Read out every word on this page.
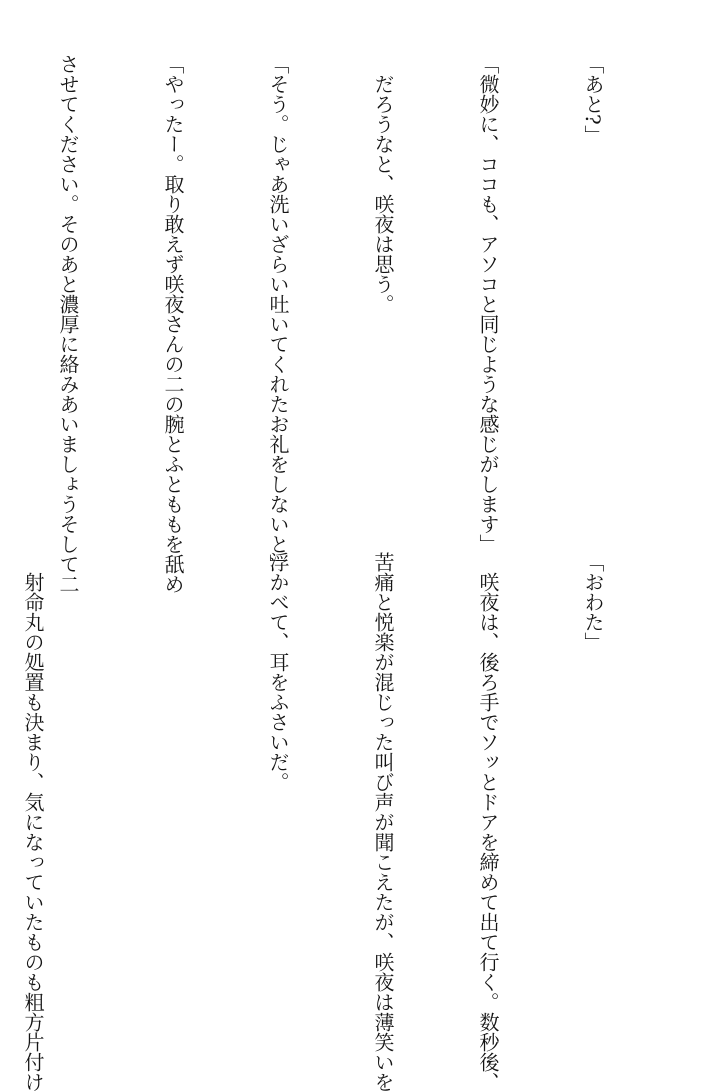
「あと?」

「微妙に、ココも、アソコと同じような感じがします」

　だろうなと、咲夜は思う。

「そう。じゃあ洗いざらい吐いてくれたお礼をしないと」

「やったー。取り敢えず咲夜さんの二の腕とふとももを舐め

させてください。そのあと濃厚に絡みあいましょうそして二

「おわた」

　咲夜は、後ろ手でソッとドアを締めて出て行く。数秒後、

苦痛と悦楽が混じった叫び声が聞こえたが、咲夜は薄笑いを

浮かべて、耳をふさいだ。

　射命丸の処置も決まり、気になっていたものも粗方片付け
